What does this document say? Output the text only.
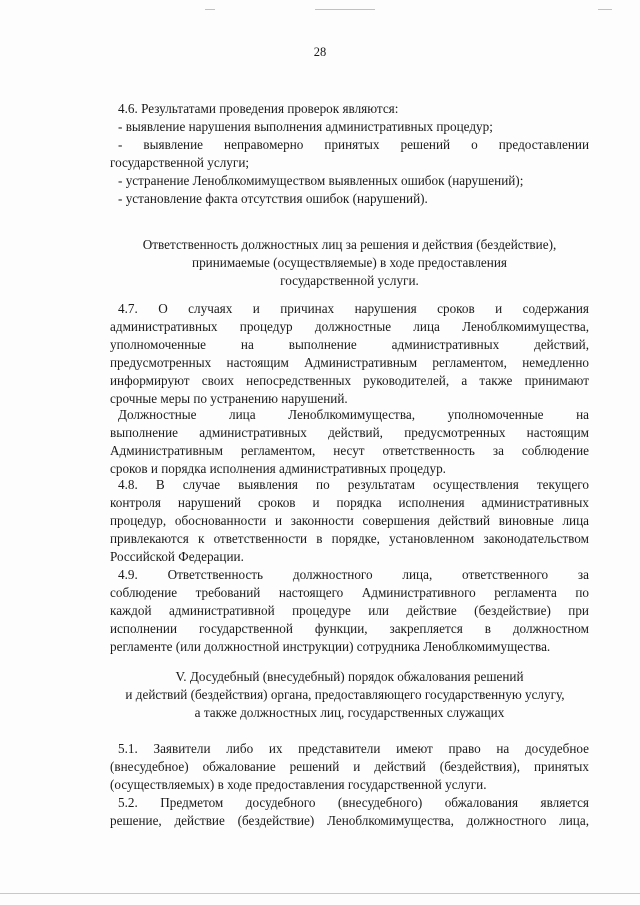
28
4.6. Результатами проведения проверок являются:
- выявление нарушения выполнения административных процедур;
- выявление неправомерно принятых решений о предоставлении
государственной услуги;
- устранение Леноблкомимуществом выявленных ошибок (нарушений);
- установление факта отсутствия ошибок (нарушений).
Ответственность должностных лиц за решения и действия (бездействие),
принимаемые (осуществляемые) в ходе предоставления
государственной услуги.
4.7. О случаях и причинах нарушения сроков и содержания
административных процедур должностные лица Леноблкомимущества,
уполномоченные на выполнение административных действий,
предусмотренных настоящим Административным регламентом, немедленно
информируют своих непосредственных руководителей, а также принимают
срочные меры по устранению нарушений.
Должностные лица Леноблкомимущества, уполномоченные на
выполнение административных действий, предусмотренных настоящим
Административным регламентом, несут ответственность за соблюдение
сроков и порядка исполнения административных процедур.
4.8. В случае выявления по результатам осуществления текущего
контроля нарушений сроков и порядка исполнения административных
процедур, обоснованности и законности совершения действий виновные лица
привлекаются к ответственности в порядке, установленном законодательством
Российской Федерации.
4.9. Ответственность должностного лица, ответственного за
соблюдение требований настоящего Административного регламента по
каждой административной процедуре или действие (бездействие) при
исполнении государственной функции, закрепляется в должностном
регламенте (или должностной инструкции) сотрудника Леноблкомимущества.
V. Досудебный (внесудебный) порядок обжалования решений
и действий (бездействия) органа, предоставляющего государственную услугу,
а также должностных лиц, государственных служащих
5.1. Заявители либо их представители имеют право на досудебное
(внесудебное) обжалование решений и действий (бездействия), принятых
(осуществляемых) в ходе предоставления государственной услуги.
5.2. Предметом досудебного (внесудебного) обжалования является
решение, действие (бездействие) Леноблкомимущества, должностного лица,
